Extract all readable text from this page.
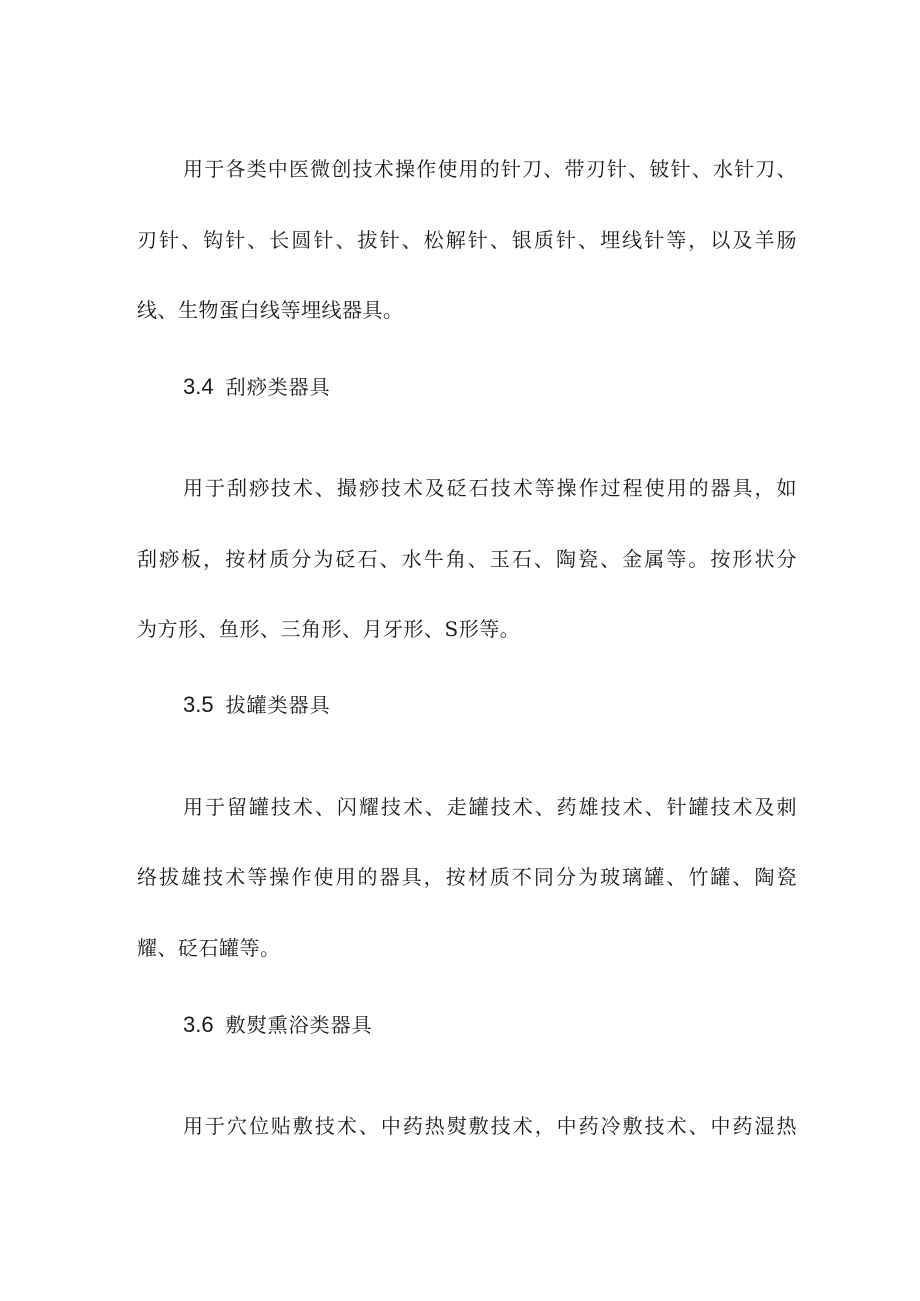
用于各类中医微创技术操作使用的针刀、带刃针、铍针、水针刀、
刃针、钩针、长圆针、拔针、松解针、银质针、埋线针等，以及羊肠
线、生物蛋白线等埋线器具。
3.4 刮痧类器具
用于刮痧技术、撮痧技术及砭石技术等操作过程使用的器具，如
刮痧板，按材质分为砭石、水牛角、玉石、陶瓷、金属等。按形状分
为方形、鱼形、三角形、月牙形、S形等。
3.5 拔罐类器具
用于留罐技术、闪耀技术、走罐技术、药雄技术、针罐技术及刺
络拔雄技术等操作使用的器具，按材质不同分为玻璃罐、竹罐、陶瓷
耀、砭石罐等。
3.6 敷熨熏浴类器具
用于穴位贴敷技术、中药热熨敷技术，中药冷敷技术、中药湿热
